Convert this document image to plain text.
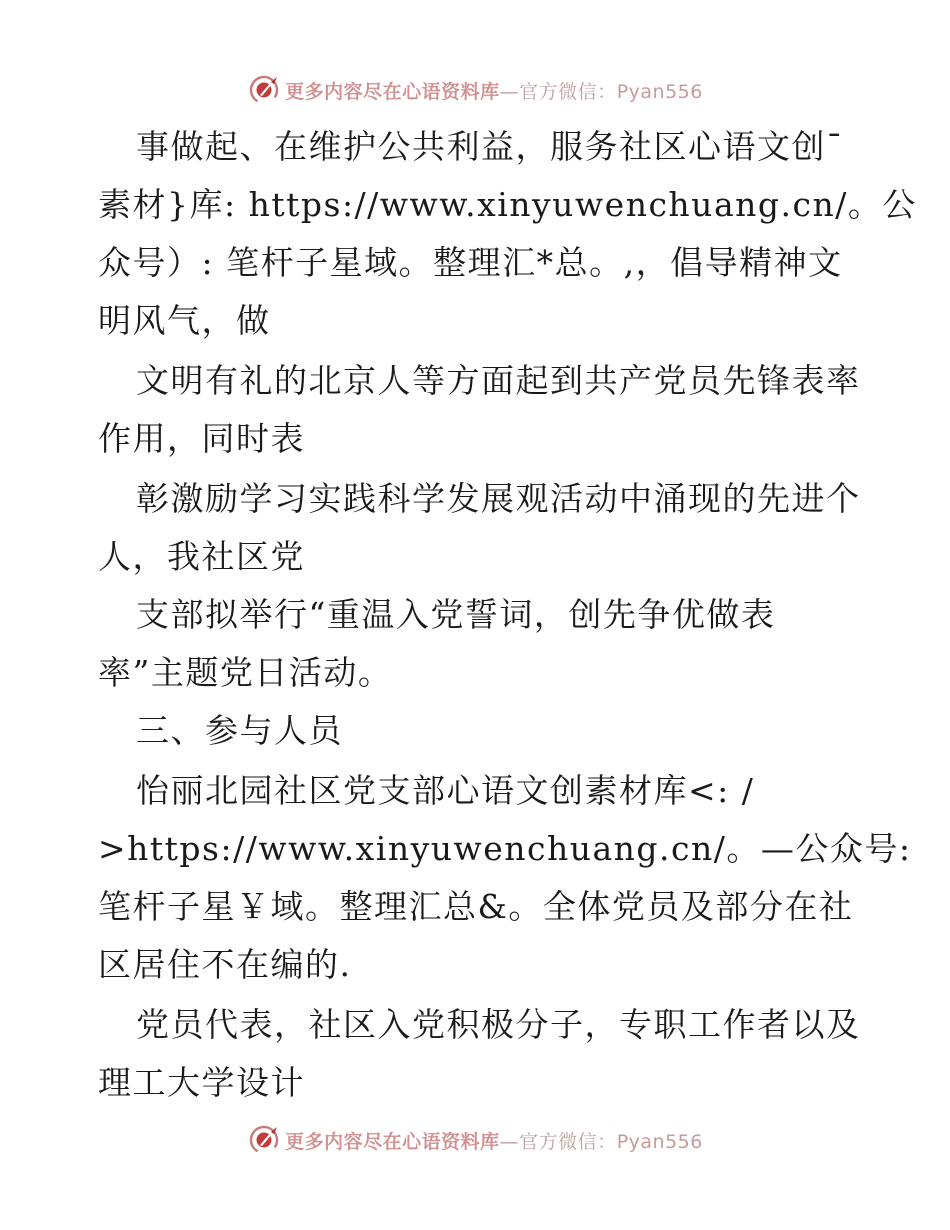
更多内容尽在心语资料库—官方微信：Pyan556
事做起、在维护公共利益，服务社区心语文创¯
素材}库: https://www.xinyuwenchuang.cn/。公
众号）: 笔杆子星域。整理汇*总。,，倡导精神文
明风气，做
文明有礼的北京人等方面起到共产党员先锋表率
作用，同时表
彰激励学习实践科学发展观活动中涌现的先进个
人，我社区党
支部拟举行“重温入党誓词，创先争优做表
率”主题党日活动。
三、参与人员
怡丽北园社区党支部心语文创素材库<: /
>https://www.xinyuwenchuang.cn/。—公众号:
笔杆子星￥域。整理汇总&。全体党员及部分在社
区居住不在编的.
党员代表，社区入党积极分子，专职工作者以及
理工大学设计
更多内容尽在心语资料库—官方微信：Pyan556
